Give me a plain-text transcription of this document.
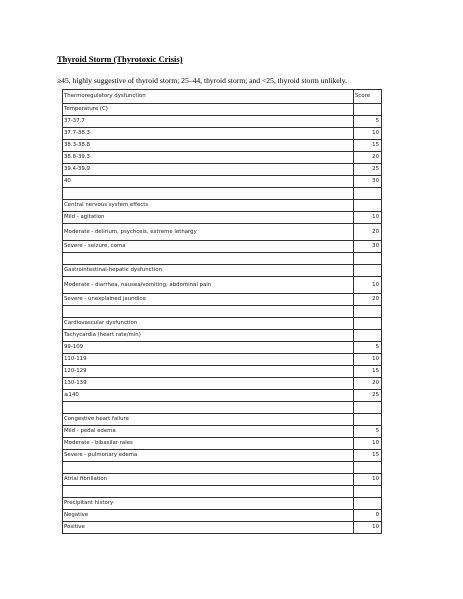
Thyroid Storm (Thyrotoxic Crisis)
≥45, highly suggestive of thyroid storm; 25–44, thyroid storm; and <25, thyroid storm unlikely.
Thermoregulatory dysfunction	Score
Temperature (C)	
37-37.7	5
37.7-38.3	10
38.3-38.8	15
38.8-39.3	20
39.4-39.9	25
40	30

Central nervous system effects	
Mild - agitation	10
Moderate - delirium, psychosis, extreme lethargy	20
Severe - seizure, coma	30

Gastrointestinal-hepatic dysfunction	
Moderate - diarrhea, nausea/vomiting, abdominal pain	10
Severe - unexplained jaundice	20

Cardiovascular dysfunction	
Tachycardia (heart rate/min)	
99-109	5
110-119	10
120-129	15
130-139	20
≥140	25

Congestive heart failure	
Mild - pedal edema	5
Moderate - bibasilar rales	10
Severe - pulmonary edema	15

Atrial fibrillation	10

Precipitant history	
Negative	0
Positive	10
